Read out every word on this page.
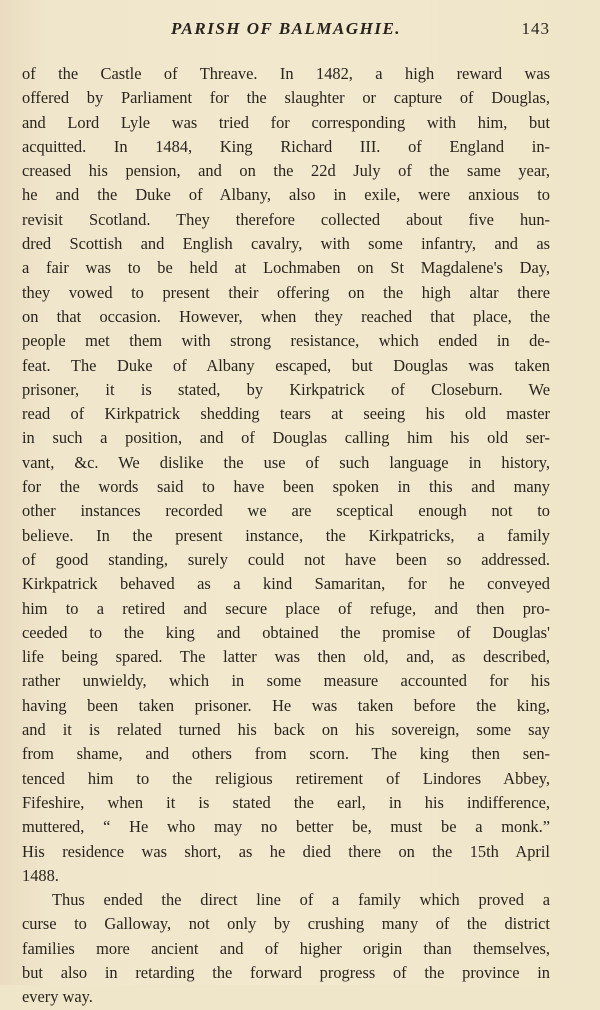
PARISH OF BALMAGHIE.	143
of the Castle of Threave. In 1482, a high reward was
offered by Parliament for the slaughter or capture of Douglas,
and Lord Lyle was tried for corresponding with him, but
acquitted. In 1484, King Richard III. of England in-
creased his pension, and on the 22d July of the same year,
he and the Duke of Albany, also in exile, were anxious to
revisit Scotland. They therefore collected about five hun-
dred Scottish and English cavalry, with some infantry, and as
a fair was to be held at Lochmaben on St Magdalene's Day,
they vowed to present their offering on the high altar there
on that occasion. However, when they reached that place, the
people met them with strong resistance, which ended in de-
feat. The Duke of Albany escaped, but Douglas was taken
prisoner, it is stated, by Kirkpatrick of Closeburn. We
read of Kirkpatrick shedding tears at seeing his old master
in such a position, and of Douglas calling him his old ser-
vant, &c. We dislike the use of such language in history,
for the words said to have been spoken in this and many
other instances recorded we are sceptical enough not to
believe. In the present instance, the Kirkpatricks, a family
of good standing, surely could not have been so addressed.
Kirkpatrick behaved as a kind Samaritan, for he conveyed
him to a retired and secure place of refuge, and then pro-
ceeded to the king and obtained the promise of Douglas'
life being spared. The latter was then old, and, as described,
rather unwieldy, which in some measure accounted for his
having been taken prisoner. He was taken before the king,
and it is related turned his back on his sovereign, some say
from shame, and others from scorn. The king then sen-
tenced him to the religious retirement of Lindores Abbey,
Fifeshire, when it is stated the earl, in his indifference,
muttered, “ He who may no better be, must be a monk.”
His residence was short, as he died there on the 15th April
1488.
Thus ended the direct line of a family which proved a
curse to Galloway, not only by crushing many of the district
families more ancient and of higher origin than themselves,
but also in retarding the forward progress of the province in
every way.
